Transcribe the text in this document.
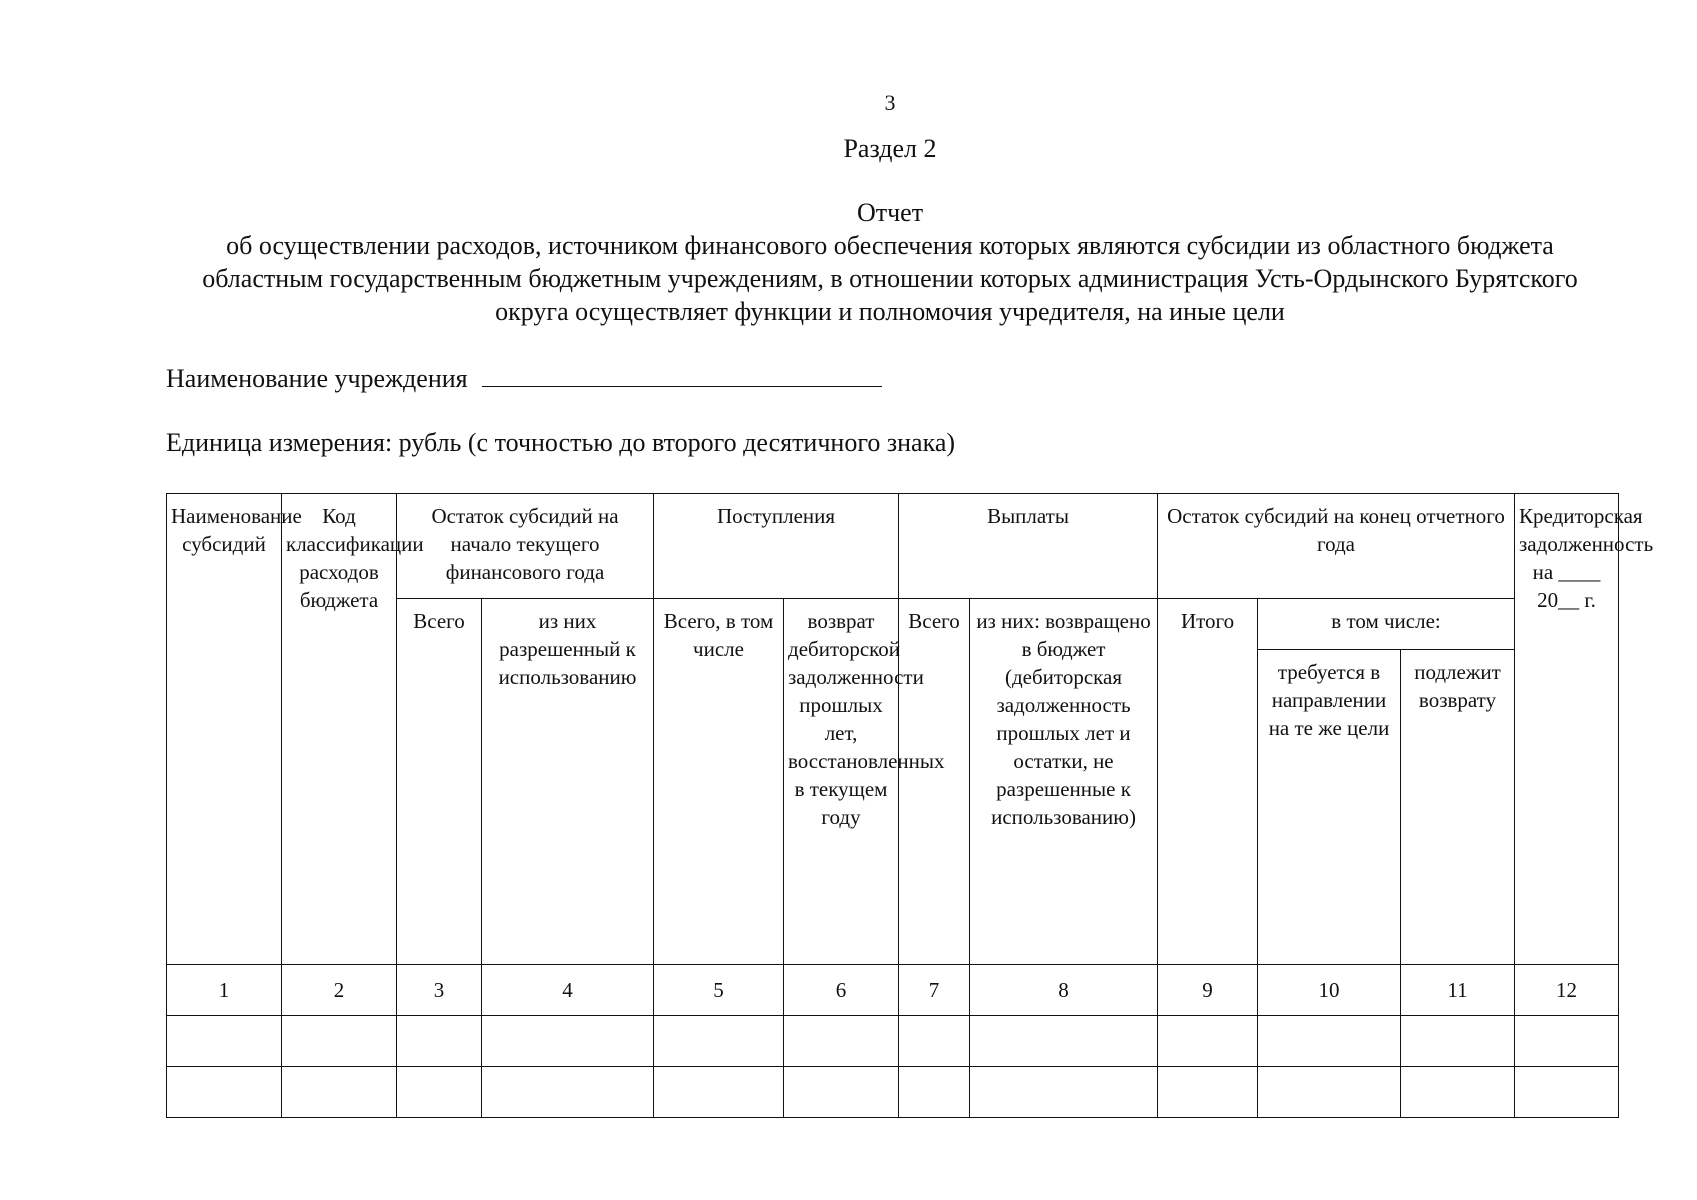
3
Раздел 2
Отчет
об осуществлении расходов, источником финансового обеспечения которых являются субсидии из областного бюджета областным государственным бюджетным учреждениям, в отношении которых администрация Усть-Ордынского Бурятского округа осуществляет функции и полномочия учредителя, на иные цели
Наименование учреждения
Единица измерения: рубль (с точностью до второго десятичного знака)
Наименование субсидий	Код классификации расходов бюджета	Остаток субсидий на начало текущего финансового года		Поступления		Выплаты		Остаток субсидий на конец отчетного года			Кредиторская задолженность на ____ 20__ г.
		Всего	из них разрешенный к использованию	Всего, в том числе	возврат дебиторской задолженности прошлых лет, восстановленных в текущем году	Всего	из них: возвращено в бюджет (дебиторская задолженность прошлых лет и остатки, не разрешенные к использованию)	Итого	в том числе:		
									требуется в направлении на те же цели	подлежит возврату	
1	2	3	4	5	6	7	8	9	10	11	12
